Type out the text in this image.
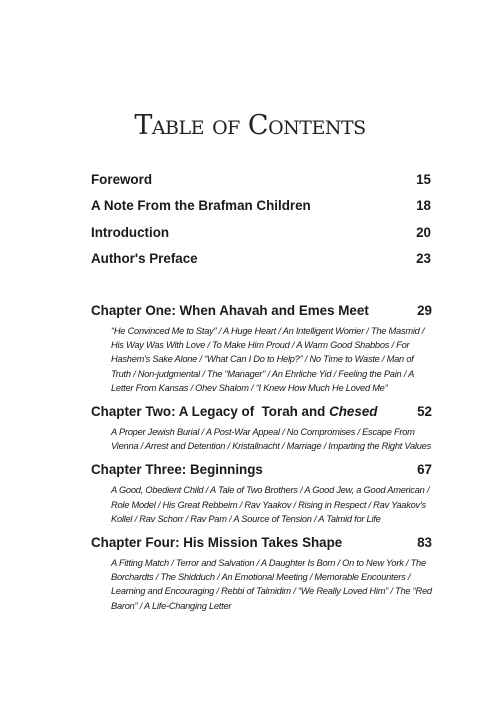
Table of Contents
Foreword	15
A Note From the Brafman Children	18
Introduction	20
Author's Preface	23
Chapter One: When Ahavah and Emes Meet	29

“He Convinced Me to Stay” / A Huge Heart / An Intelligent Worrier / The Masmid / His Way Was With Love / To Make Him Proud / A Warm Good Shabbos / For Hashem's Sake Alone / “What Can I Do to Help?” / No Time to Waste / Man of Truth / Non-judgmental / The “Manager” / An Ehrliche Yid / Feeling the Pain / A Letter From Kansas / Ohev Shalom / “I Knew How Much He Loved Me”

Chapter Two: A Legacy of  Torah and Chesed	52

A Proper Jewish Burial / A Post-War Appeal / No Compromises / Escape From Vienna / Arrest and Detention / Kristallnacht / Marriage / Imparting the Right Values

Chapter Three: Beginnings	67

A Good, Obedient Child / A Tale of Two Brothers / A Good Jew, a Good American / Role Model / His Great Rebbeim / Rav Yaakov / Rising in Respect / Rav Yaakov's Kollel / Rav Schorr / Rav Pam / A Source of Tension / A Talmid for Life

Chapter Four: His Mission Takes Shape	83

A Fitting Match / Terror and Salvation / A Daughter Is Born / On to New York / The Borchardts / The Shidduch / An Emotional Meeting / Memorable Encounters / Learning and Encouraging / Rebbi of Talmidim / “We Really Loved Him” / The “Red Baron” / A Life-Changing Letter
